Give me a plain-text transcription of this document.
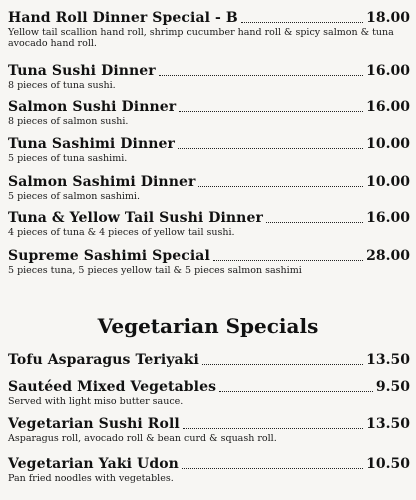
Hand Roll Dinner Special - B	18.00
Yellow tail scallion hand roll, shrimp cucumber hand roll & spicy salmon & tuna avocado hand roll.
Tuna Sushi Dinner	16.00
8 pieces of tuna sushi.
Salmon Sushi Dinner	16.00
8 pieces of salmon sushi.
Tuna Sashimi Dinner	10.00
5 pieces of tuna sashimi.
Salmon Sashimi Dinner	10.00
5 pieces of salmon sashimi.
Tuna & Yellow Tail Sushi Dinner	16.00
4 pieces of tuna & 4 pieces of yellow tail sushi.
Supreme Sashimi Special	28.00
5 pieces tuna, 5 pieces yellow tail & 5 pieces salmon sashimi
Vegetarian Specials
Tofu Asparagus Teriyaki	13.50
Sautéed Mixed Vegetables	9.50
Served with light miso butter sauce.
Vegetarian Sushi Roll	13.50
Asparagus roll, avocado roll & bean curd & squash roll.
Vegetarian Yaki Udon	10.50
Pan fried noodles with vegetables.
